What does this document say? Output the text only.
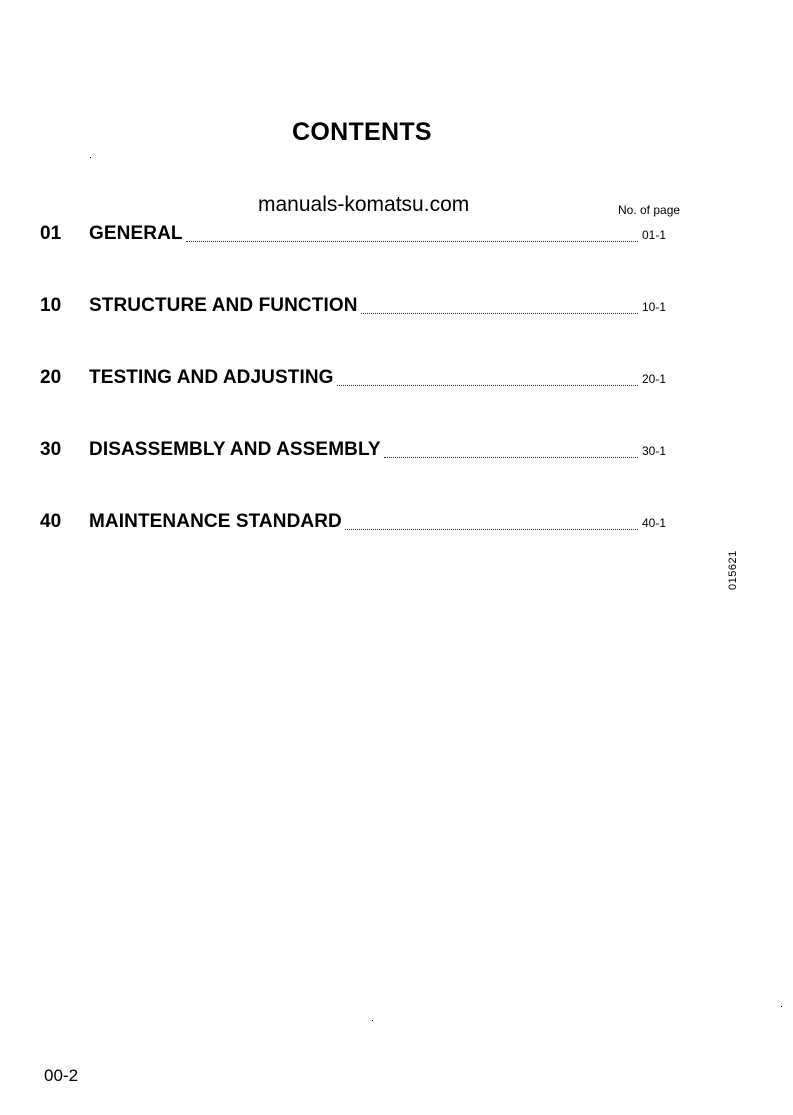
CONTENTS
manuals-komatsu.com	No. of page
01	GENERAL	01-1
10	STRUCTURE AND FUNCTION	10-1
20	TESTING AND ADJUSTING	20-1
30	DISASSEMBLY AND ASSEMBLY	30-1
40	MAINTENANCE STANDARD	40-1
015621
00-2
